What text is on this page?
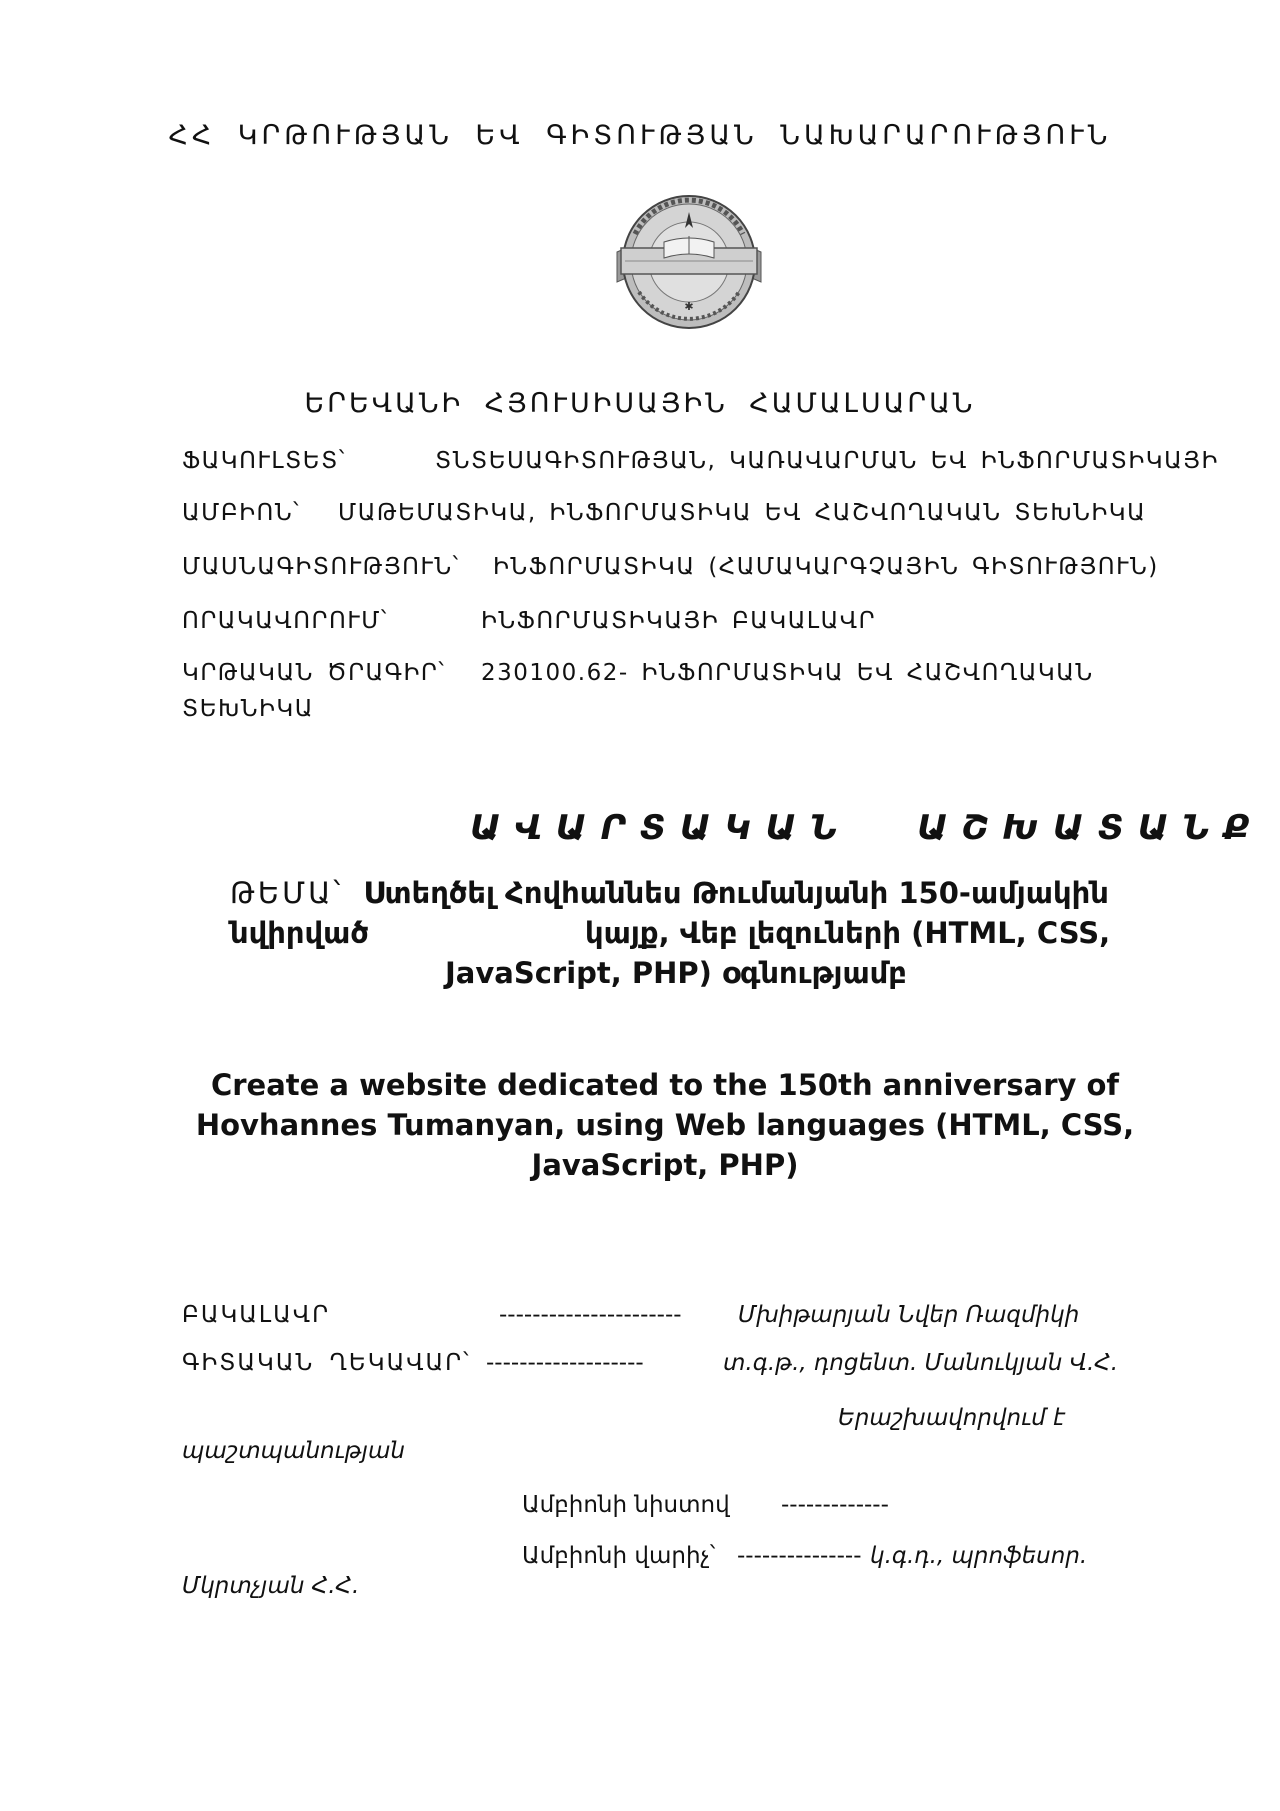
ՀՀ ԿՐԹՈՒԹՅԱՆ ԵՎ ԳԻՏՈՒԹՅԱՆ ՆԱԽԱՐԱՐՈՒԹՅՈՒՆ
✱
ԵՐԵՎԱՆԻ ՀՅՈՒՍԻՍԱՅԻՆ ՀԱՄԱԼՍԱՐԱՆ
ՖԱԿՈՒԼՏԵՏ՝	ՏՆՏԵՍԱԳԻՏՈՒԹՅԱՆ, ԿԱՌԱՎԱՐՄԱՆ ԵՎ ԻՆՖՈՐՄԱՏԻԿԱՅԻ
ԱՄԲԻՈՆ՝ ՄԱԹԵՄԱՏԻԿԱ, ԻՆՖՈՐՄԱՏԻԿԱ ԵՎ ՀԱՇՎՈՂԱԿԱՆ ՏԵԽՆԻԿԱ
ՄԱՍՆԱԳԻՏՈՒԹՅՈՒՆ՝ ԻՆՖՈՐՄԱՏԻԿԱ (ՀԱՄԱԿԱՐԳՉԱՅԻՆ ԳԻՏՈՒԹՅՈՒՆ)
ՈՐԱԿԱՎՈՐՈՒՄ՝	ԻՆՖՈՐՄԱՏԻԿԱՅԻ ԲԱԿԱԼԱՎՐ
ԿՐԹԱԿԱՆ ԾՐԱԳԻՐ՝ 230100.62- ԻՆՖՈՐՄԱՏԻԿԱ ԵՎ ՀԱՇՎՈՂԱԿԱՆ
ՏԵԽՆԻԿԱ
ԱՎԱՐՏԱԿԱՆ ԱՇԽԱՏԱՆՔ
ԹԵՄԱ՝ Ստեղծել Հովհաննես Թումանյանի 150-ամյակին
նվիրված	կայք, Վեբ լեզուների (HTML, CSS,
JavaScript, PHP) օգնությամբ
Create a website dedicated to the 150th anniversary of Hovhannes Tumanyan, using Web languages (HTML, CSS, JavaScript, PHP)
ԲԱԿԱԼԱՎՐ	---------------------- Մխիթարյան Նվեր Ռազմիկի
ԳԻՏԱԿԱՆ ՂԵԿԱՎԱՐ՝ -------------------	տ.գ.թ., դոցենտ. Մանուկյան Վ.Հ.
Երաշխավորվում է
պաշտպանության
Ամբիոնի նիստով -------------
Ամբիոնի վարիչ՝ --------------- կ.գ.դ., պրոֆեսոր.
Մկրտչյան Հ.Հ.
